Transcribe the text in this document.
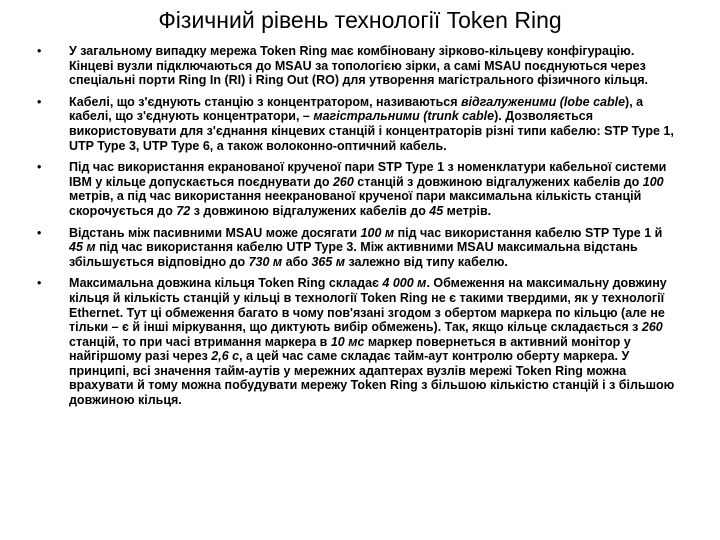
Фізичний рівень технології Token Ring
• У загальному випадку мережа Token Ring має комбіновану зірково-кільцеву конфігурацію. Кінцеві вузли підключаються до MSAU за топологією зірки, а самі MSAU поєднуються через спеціальні порти Ring In (RI) і Ring Out (RO) для утворення магістрального фізичного кільця.
• Кабелі, що з'єднують станцію з концентратором, називаються відгалуженими (lobe cable), а кабелі, що з'єднують концентратори, – магістральними (trunk cable). Дозволяється використовувати для з'єднання кінцевих станцій і концентраторів різні типи кабелю: STP Type 1, UTP Type 3, UTP Type 6, а також волоконно-оптичний кабель.
• Під час використання екранованої крученої пари STP Type 1 з номенклатури кабельної системи IBM у кільце допускається поєднувати до 260 станцій з довжиною відгалужених кабелів до 100 метрів, а під час використання неекранованої крученої пари максимальна кількість станцій скорочується до 72 з довжиною відгалужених кабелів до 45 метрів.
• Відстань між пасивними MSAU може досягати 100 м під час використання кабелю STP Type 1 й 45 м під час використання кабелю UTP Type 3. Між активними MSAU максимальна відстань збільшується відповідно до 730 м або 365 м залежно від типу кабелю.
• Максимальна довжина кільця Token Ring складає 4 000 м. Обмеження на максимальну довжину кільця й кількість станцій у кільці в технології Token Ring не є такими твердими, як у технології Ethernet. Тут ці обмеження багато в чому пов'язані згодом з обертом маркера по кільцю (але не тільки – є й інші міркування, що диктують вибір обмежень). Так, якщо кільце складається з 260 станцій, то при часі втримання маркера в 10 мс маркер повернеться в активний монітор у найгіршому разі через 2,6 с, а цей час саме складає тайм-аут контролю оберту маркера. У принципі, всі значення тайм-аутів у мережних адаптерах вузлів мережі Token Ring можна врахувати й тому можна побудувати мережу Token Ring з більшою кількістю станцій і з більшою довжиною кільця.
